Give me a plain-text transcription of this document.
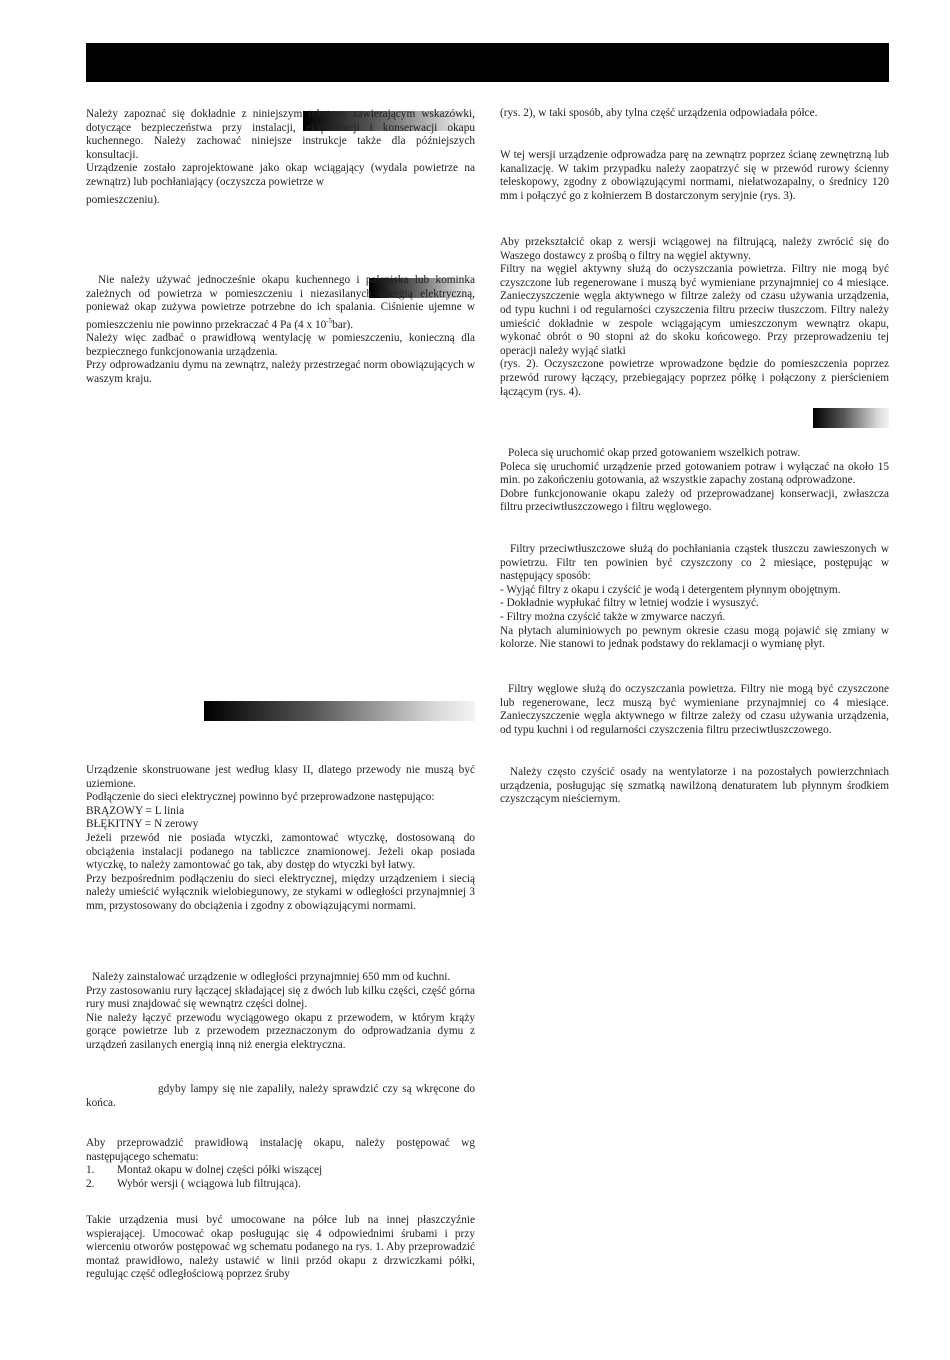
Należy zapoznać się dokładnie z niniejszym tekstem, zawierającym wskazówki, dotyczące bezpieczeństwa przy instalacji, eksploatacji i konserwacji okapu kuchennego. Należy zachować niniejsze instrukcje także dla późniejszych konsultacji.

Urządzenie zostało zaprojektowane jako okap wciągający (wydala powietrze na zewnątrz) lub pochłaniający (oczyszcza powietrze w

pomieszczeniu).

Nie należy używać jednocześnie okapu kuchennego i paleniska lub kominka zależnych od powietrza w pomieszczeniu i niezasilanych energią elektryczną, ponieważ okap zużywa powietrze potrzebne do ich spalania. Ciśnienie ujemne w pomieszczeniu nie powinno przekraczać 4 Pa (4 x $10^{-5}bar$).

Należy więc zadbać o prawidłową wentylację w pomieszczeniu, konieczną dla bezpiecznego funkcjonowania urządzenia.

Przy odprowadzaniu dymu na zewnątrz, należy przestrzegać norm obowiązujących w waszym kraju.

Urządzenie skonstruowane jest według klasy II, dlatego przewody nie muszą być uziemione.

Podłączenie do sieci elektrycznej powinno być przeprowadzone następująco:

BRĄZOWY = L linia

BŁĘKITNY = N zerowy

Jeżeli przewód nie posiada wtyczki, zamontować wtyczkę, dostosowaną do obciążenia instalacji podanego na tabliczce znamionowej. Jeżeli okap posiada wtyczkę, to należy zamontować go tak, aby dostęp do wtyczki był łatwy.

Przy bezpośrednim podłączeniu do sieci elektrycznej, między urządzeniem i siecią należy umieścić wyłącznik wielobiegunowy, ze stykami w odległości przynajmniej 3 mm, przystosowany do obciążenia i zgodny z obowiązującymi normami.

Należy zainstalować urządzenie w odległości przynajmniej 650 mm od kuchni.

Przy zastosowaniu rury łączącej składającej się z dwóch lub kilku części, część górna rury musi znajdować się wewnątrz części dolnej.

Nie należy łączyć przewodu wyciągowego okapu z przewodem, w którym krąży gorące powietrze lub z przewodem przeznaczonym do odprowadzania dymu z urządzeń zasilanych energią inną niż energia elektryczna.

gdyby lampy się nie zapaliły, należy sprawdzić czy są wkręcone do końca.

Aby przeprowadzić prawidłową instalację okapu, należy postępować wg następującego schematu:

1.	Montaż okapu w dolnej części półki wiszącej
2.	Wybór wersji ( wciągowa lub filtrująca).

Takie urządzenia musi być umocowane na półce lub na innej płaszczyźnie wspierającej. Umocować okap posługując się 4 odpowiednimi śrubami i przy wierceniu otworów postępować wg schematu podanego na rys. 1. Aby przeprowadzić montaż prawidłowo, należy ustawić w linii przód okapu z drzwiczkami półki, regulując część odległościową poprzez śruby

(rys. 2), w taki sposób, aby tylna część urządzenia odpowiadała półce.

W tej wersji urządzenie odprowadza parę na zewnątrz poprzez ścianę zewnętrzną lub kanalizację. W takim przypadku należy zaopatrzyć się w przewód rurowy ścienny teleskopowy, zgodny z obowiązującymi normami, niełatwozapalny, o średnicy 120 mm i połączyć go z kołnierzem B dostarczonym seryjnie (rys. 3).

Aby przekształcić okap z wersji wciągowej na filtrującą, należy zwrócić się do Waszego dostawcy z prośbą o filtry na węgiel aktywny.

Filtry na węgiel aktywny służą do oczyszczania powietrza. Filtry nie mogą być czyszczone lub regenerowane i muszą być wymieniane przynajmniej co 4 miesiące. Zanieczyszczenie węgla aktywnego w filtrze zależy od czasu używania urządzenia, od typu kuchni i od regularności czyszczenia filtru przeciw tłuszczom. Filtry należy umieścić dokładnie w zespole wciągającym umieszczonym wewnątrz okapu, wykonać obrót o 90 stopni aż do skoku końcowego. Przy przeprowadzeniu tej operacji należy wyjąć siatki

(rys. 2). Oczyszczone powietrze wprowadzone będzie do pomieszczenia poprzez przewód rurowy łączący, przebiegający poprzez półkę i połączony z pierścieniem łączącym (rys. 4).

Poleca się uruchomić okap przed gotowaniem wszelkich potraw.

Poleca się uruchomić urządzenie przed gotowaniem potraw i wyłączać na około 15 min. po zakończeniu gotowania, aż wszystkie zapachy zostaną odprowadzone.

Dobre funkcjonowanie okapu zależy od przeprowadzanej konserwacji, zwłaszcza filtru przeciwtłuszczowego i filtru węglowego.

Filtry przeciwtłuszczowe służą do pochłaniania cząstek tłuszczu zawieszonych w powietrzu. Filtr ten powinien być czyszczony co 2 miesiące, postępując w następujący sposób:

- Wyjąć filtry z okapu i czyścić je wodą i detergentem płynnym obojętnym.

- Dokładnie wypłukać filtry w letniej wodzie i wysuszyć.

- Filtry można czyścić także w zmywarce naczyń.

Na płytach aluminiowych po pewnym okresie czasu mogą pojawić się zmiany w kolorze. Nie stanowi to jednak podstawy do reklamacji o wymianę płyt.

Filtry węglowe służą do oczyszczania powietrza. Filtry nie mogą być czyszczone lub regenerowane, lecz muszą być wymieniane przynajmniej co 4 miesiące. Zanieczyszczenie węgla aktywnego w filtrze zależy od czasu używania urządzenia, od typu kuchni i od regularności czyszczenia filtru przeciwtłuszczowego.

Należy często czyścić osady na wentylatorze i na pozostałych powierzchniach urządzenia, posługując się szmatką nawilżoną denaturatem lub płynnym środkiem czyszczącym nieściernym.
